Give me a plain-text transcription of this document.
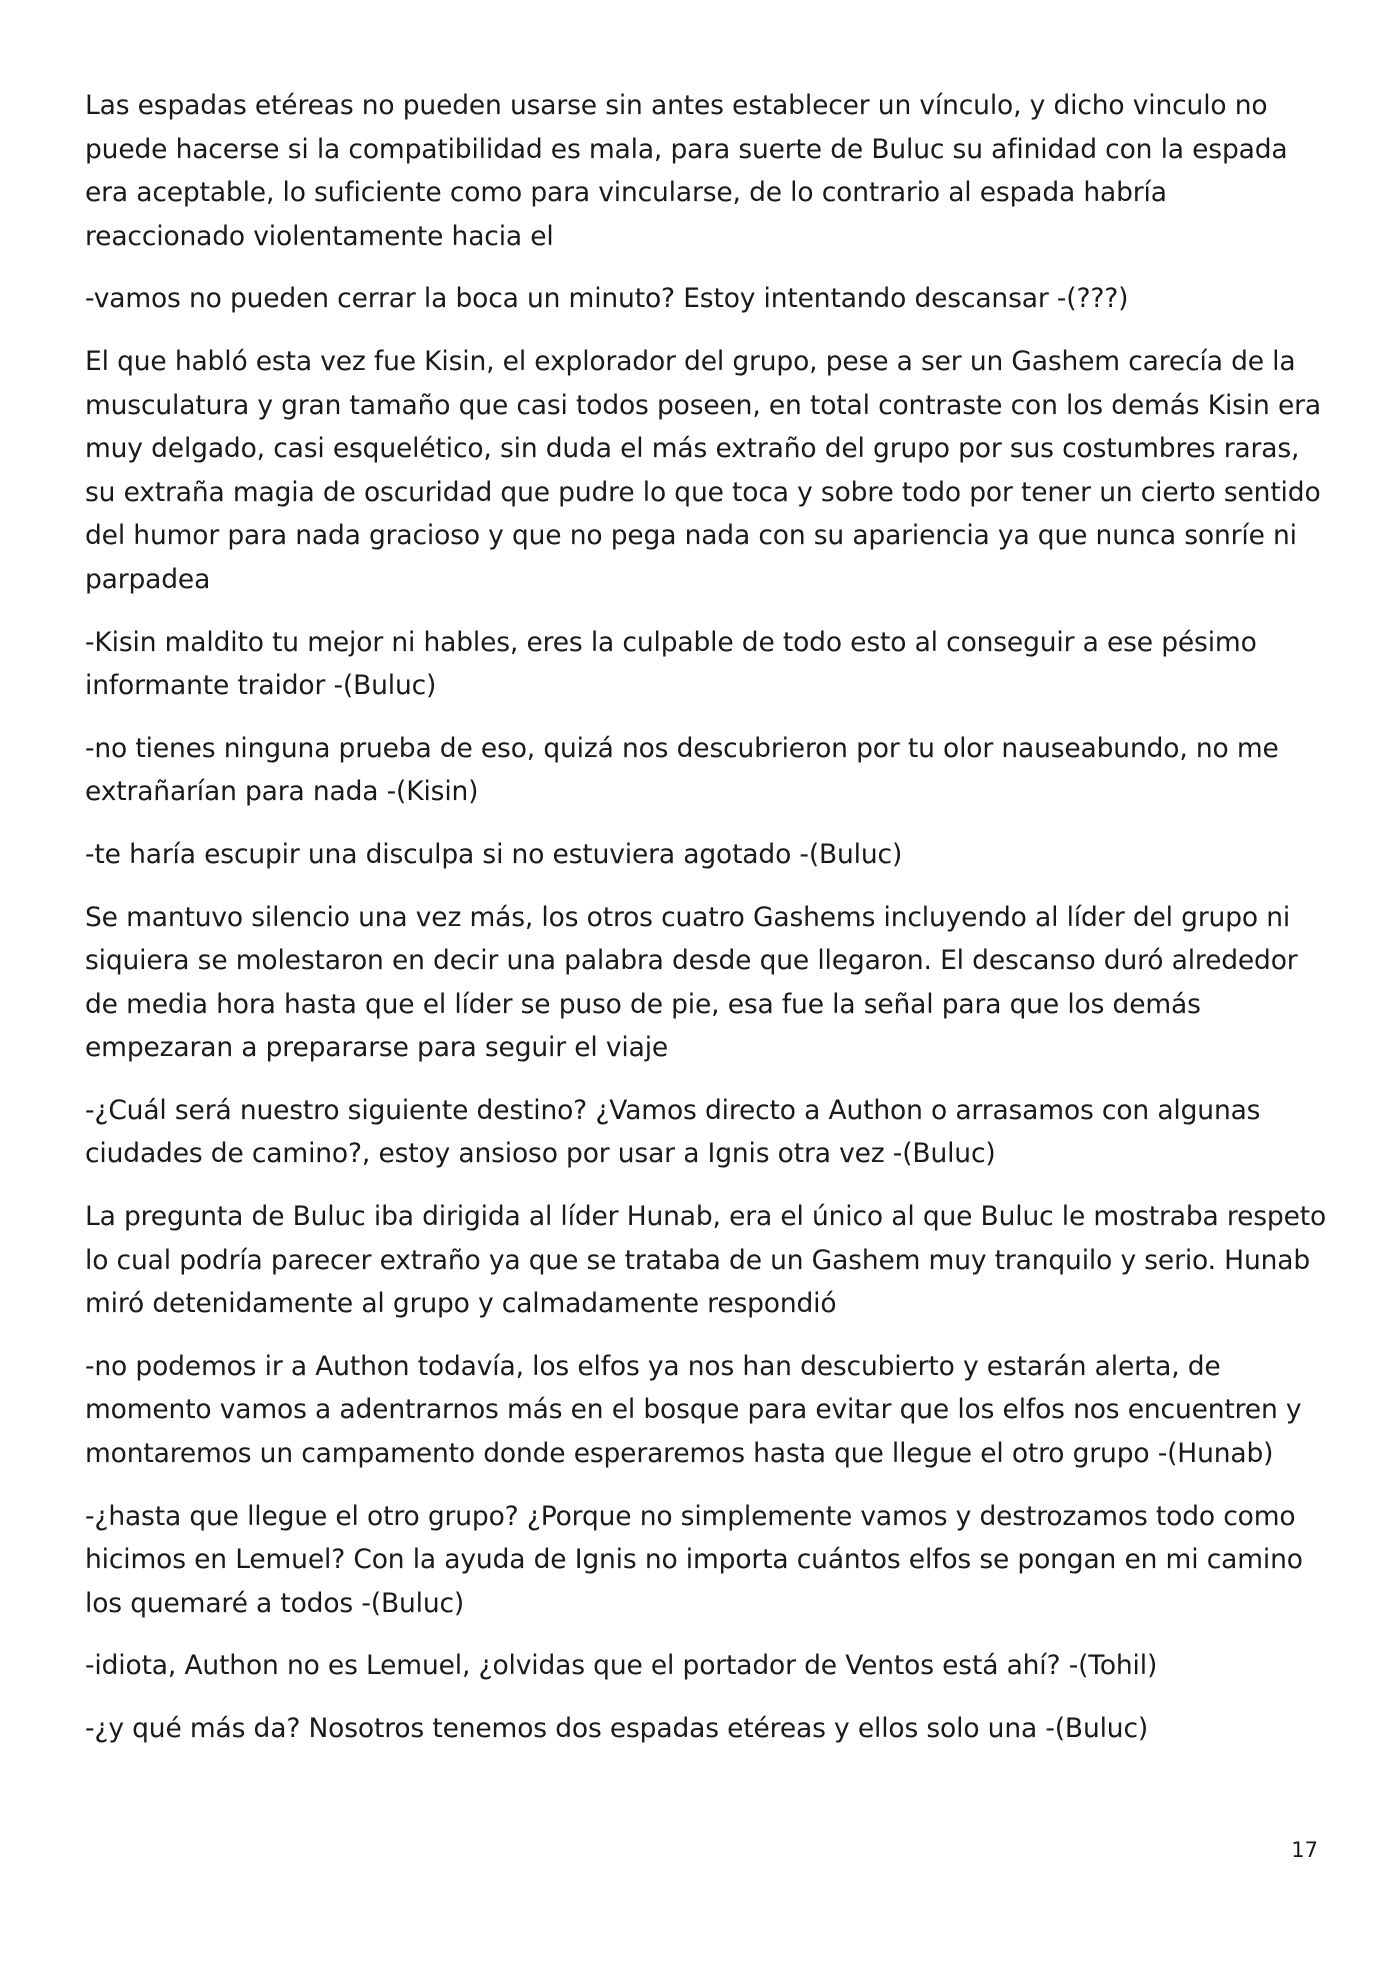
Las espadas etéreas no pueden usarse sin antes establecer un vínculo, y dicho vinculo no puede hacerse si la compatibilidad es mala, para suerte de Buluc su afinidad con la espada era aceptable, lo suficiente como para vincularse, de lo contrario al espada habría reaccionado violentamente hacia el

-vamos no pueden cerrar la boca un minuto? Estoy intentando descansar -(???)

El que habló esta vez fue Kisin, el explorador del grupo, pese a ser un Gashem carecía de la musculatura y gran tamaño que casi todos poseen, en total contraste con los demás Kisin era muy delgado, casi esquelético, sin duda el más extraño del grupo por sus costumbres raras, su extraña magia de oscuridad que pudre lo que toca y sobre todo por tener un cierto sentido del humor para nada gracioso y que no pega nada con su apariencia ya que nunca sonríe ni parpadea

-Kisin maldito tu mejor ni hables, eres la culpable de todo esto al conseguir a ese pésimo informante traidor -(Buluc)

-no tienes ninguna prueba de eso, quizá nos descubrieron por tu olor nauseabundo, no me extrañarían para nada -(Kisin)

-te haría escupir una disculpa si no estuviera agotado -(Buluc)

Se mantuvo silencio una vez más, los otros cuatro Gashems incluyendo al líder del grupo ni siquiera se molestaron en decir una palabra desde que llegaron. El descanso duró alrededor de media hora hasta que el líder se puso de pie, esa fue la señal para que los demás empezaran a prepararse para seguir el viaje

-¿Cuál será nuestro siguiente destino? ¿Vamos directo a Authon o arrasamos con algunas ciudades de camino?, estoy ansioso por usar a Ignis otra vez -(Buluc)

La pregunta de Buluc iba dirigida al líder Hunab, era el único al que Buluc le mostraba respeto lo cual podría parecer extraño ya que se trataba de un Gashem muy tranquilo y serio. Hunab miró detenidamente al grupo y calmadamente respondió

-no podemos ir a Authon todavía, los elfos ya nos han descubierto y estarán alerta, de momento vamos a adentrarnos más en el bosque para evitar que los elfos nos encuentren y montaremos un campamento donde esperaremos hasta que llegue el otro grupo -(Hunab)

-¿hasta que llegue el otro grupo? ¿Porque no simplemente vamos y destrozamos todo como hicimos en Lemuel? Con la ayuda de Ignis no importa cuántos elfos se pongan en mi camino los quemaré a todos -(Buluc)

-idiota, Authon no es Lemuel, ¿olvidas que el portador de Ventos está ahí? -(Tohil)

-¿y qué más da? Nosotros tenemos dos espadas etéreas y ellos solo una -(Buluc)

17
